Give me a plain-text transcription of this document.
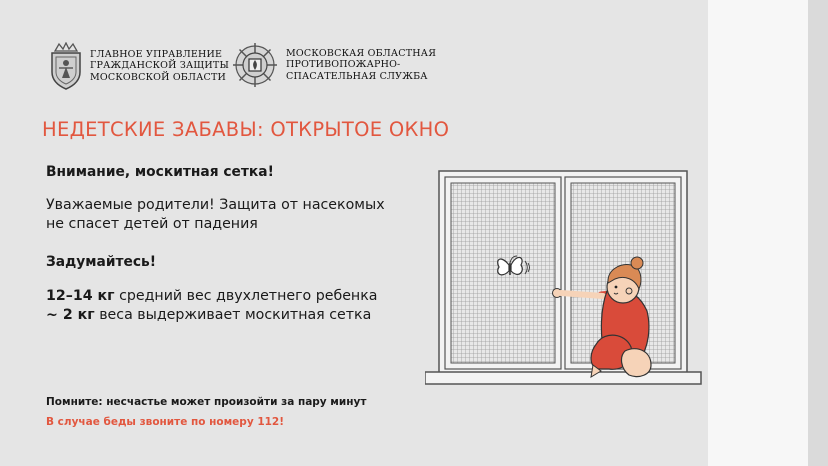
ГЛАВНОЕ УПРАВЛЕНИЕ
ГРАЖДАНСКОЙ ЗАЩИТЫ
МОСКОВСКОЙ ОБЛАСТИ
МОСКОВСКАЯ ОБЛАСТНАЯ
ПРОТИВОПОЖАРНО-
СПАСАТЕЛЬНАЯ СЛУЖБА
НЕДЕТСКИЕ ЗАБАВЫ: ОТКРЫТОЕ ОКНО
Внимание, москитная сетка!
Уважаемые родители! Защита от насекомых
не спасет детей от падения
Задумайтесь!
12–14 кг средний вес двухлетнего ребенка
~ 2 кг веса выдерживает москитная сетка
Помните: несчастье может произойти за пару минут
В случае беды звоните по номеру 112!
